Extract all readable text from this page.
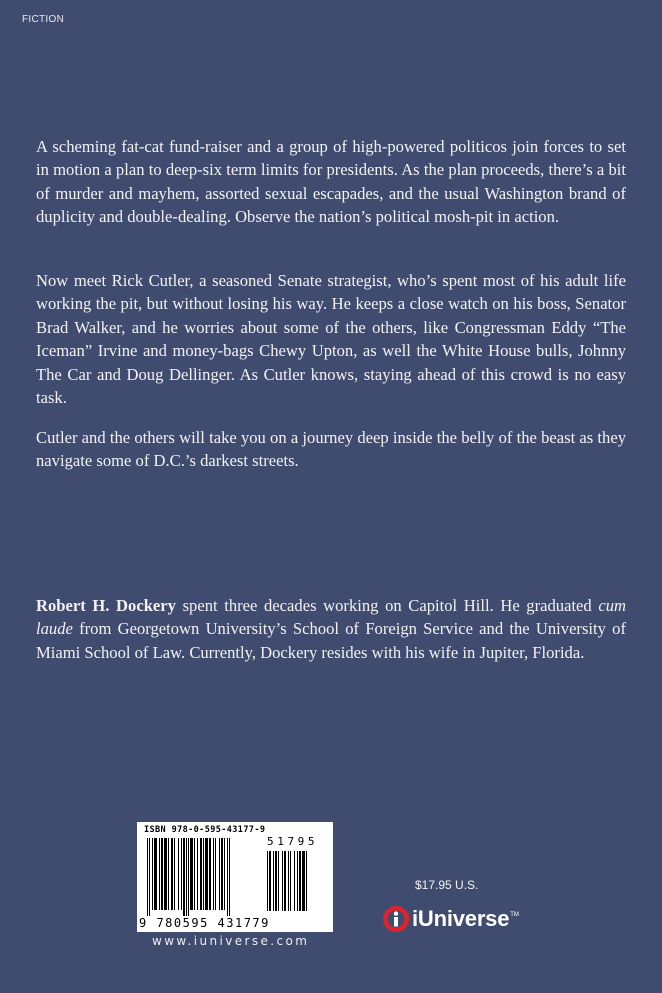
FICTION

A scheming fat-cat fund-raiser and a group of high-powered politicos join forces to set in motion a plan to deep-six term limits for presidents. As the plan proceeds, there’s a bit of murder and mayhem, assorted sexual escapades, and the usual Washington brand of duplicity and double-dealing. Observe the nation’s political mosh-pit in action.

Now meet Rick Cutler, a seasoned Senate strategist, who’s spent most of his adult life working the pit, but without losing his way. He keeps a close watch on his boss, Senator Brad Walker, and he worries about some of the others, like Congressman Eddy “The Iceman” Irvine and money-bags Chewy Upton, as well the White House bulls, Johnny The Car and Doug Dellinger. As Cutler knows, staying ahead of this crowd is no easy task.

Cutler and the others will take you on a journey deep inside the belly of the beast as they navigate some of D.C.’s darkest streets.

Robert H. Dockery spent three decades working on Capitol Hill. He graduated cum laude from Georgetown University’s School of Foreign Service and the University of Miami School of Law. Currently, Dockery resides with his wife in Jupiter, Florida.

ISBN 978-0-595-43177-9
51795
9 780595 431779
www.iuniverse.com
$17.95 U.S.
iUniverse TM
